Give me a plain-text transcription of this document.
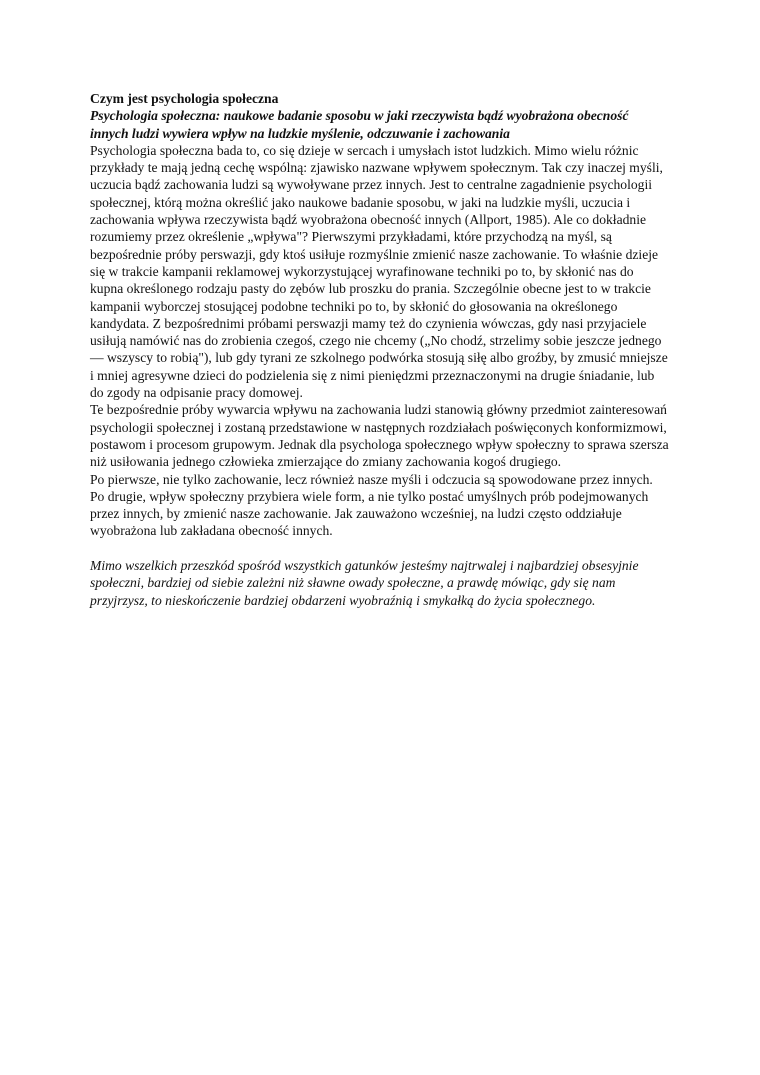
Czym jest psychologia społeczna

Psychologia społeczna: naukowe badanie sposobu w jaki rzeczywista bądź wyobrażona obecność innych ludzi wywiera wpływ na ludzkie myślenie, odczuwanie i zachowania

Psychologia społeczna bada to, co się dzieje w sercach i umysłach istot ludzkich. Mimo wielu różnic przykłady te mają jedną cechę wspólną: zjawisko nazwane wpływem społecznym. Tak czy inaczej myśli, uczucia bądź zachowania ludzi są wywoływane przez innych. Jest to centralne zagadnienie psychologii społecznej, którą można określić jako naukowe badanie sposobu, w jaki na ludzkie myśli, uczucia i zachowania wpływa rzeczywista bądź wyobrażona obecność innych (Allport, 1985). Ale co dokładnie rozumiemy przez określenie „wpływa"? Pierwszymi przykładami, które przychodzą na myśl, są bezpośrednie próby perswazji, gdy ktoś usiłuje rozmyślnie zmienić nasze zachowanie. To właśnie dzieje się w trakcie kampanii reklamowej wykorzystującej wyrafinowane techniki po to, by skłonić nas do kupna określonego rodzaju pasty do zębów lub proszku do prania. Szczególnie obecne jest to w trakcie kampanii wyborczej stosującej podobne techniki po to, by skłonić do głosowania na określonego kandydata. Z bezpośrednimi próbami perswazji mamy też do czynienia wówczas, gdy nasi przyjaciele usiłują namówić nas do zrobienia czegoś, czego nie chcemy („No chodź, strzelimy sobie jeszcze jednego — wszyscy to robią"), lub gdy tyrani ze szkolnego podwórka stosują siłę albo groźby, by zmusić mniejsze i mniej agresywne dzieci do podzielenia się z nimi pieniędzmi przeznaczonymi na drugie śniadanie, lub do zgody na odpisanie pracy domowej.

Te bezpośrednie próby wywarcia wpływu na zachowania ludzi stanowią główny przedmiot zainteresowań psychologii społecznej i zostaną przedstawione w następnych rozdziałach poświęconych konformizmowi, postawom i procesom grupowym. Jednak dla psychologa społecznego wpływ społeczny to sprawa szersza niż usiłowania jednego człowieka zmierzające do zmiany zachowania kogoś drugiego.

Po pierwsze, nie tylko zachowanie, lecz również nasze myśli i odczucia są spowodowane przez innych. Po drugie, wpływ społeczny przybiera wiele form, a nie tylko postać umyślnych prób podejmowanych przez innych, by zmienić nasze zachowanie. Jak zauważono wcześniej, na ludzi często oddziałuje wyobrażona lub zakładana obecność innych.

Mimo wszelkich przeszkód spośród wszystkich gatunków jesteśmy najtrwalej i najbardziej obsesyjnie społeczni, bardziej od siebie zależni niż sławne owady społeczne, a prawdę mówiąc, gdy się nam przyjrzysz, to nieskończenie bardziej obdarzeni wyobraźnią i smykałką do życia społecznego.
